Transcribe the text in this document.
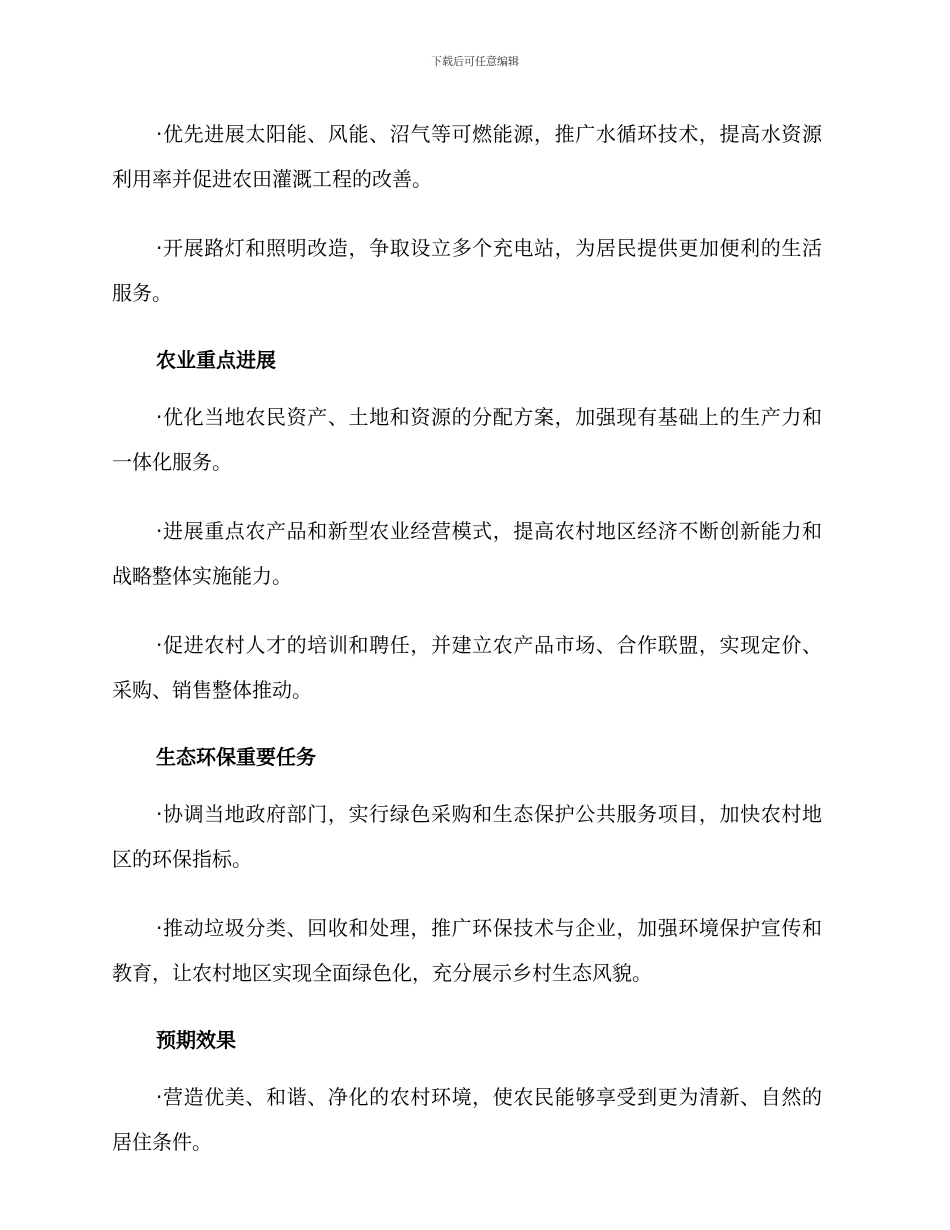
下载后可任意编辑

·优先进展太阳能、风能、沼气等可燃能源，推广水循环技术，提高水资源利用率并促进农田灌溉工程的改善。

·开展路灯和照明改造，争取设立多个充电站，为居民提供更加便利的生活服务。

农业重点进展

·优化当地农民资产、土地和资源的分配方案，加强现有基础上的生产力和一体化服务。

·进展重点农产品和新型农业经营模式，提高农村地区经济不断创新能力和战略整体实施能力。

·促进农村人才的培训和聘任，并建立农产品市场、合作联盟，实现定价、采购、销售整体推动。

生态环保重要任务

·协调当地政府部门，实行绿色采购和生态保护公共服务项目，加快农村地区的环保指标。

·推动垃圾分类、回收和处理，推广环保技术与企业，加强环境保护宣传和教育，让农村地区实现全面绿色化，充分展示乡村生态风貌。

预期效果

·营造优美、和谐、净化的农村环境，使农民能够享受到更为清新、自然的居住条件。
